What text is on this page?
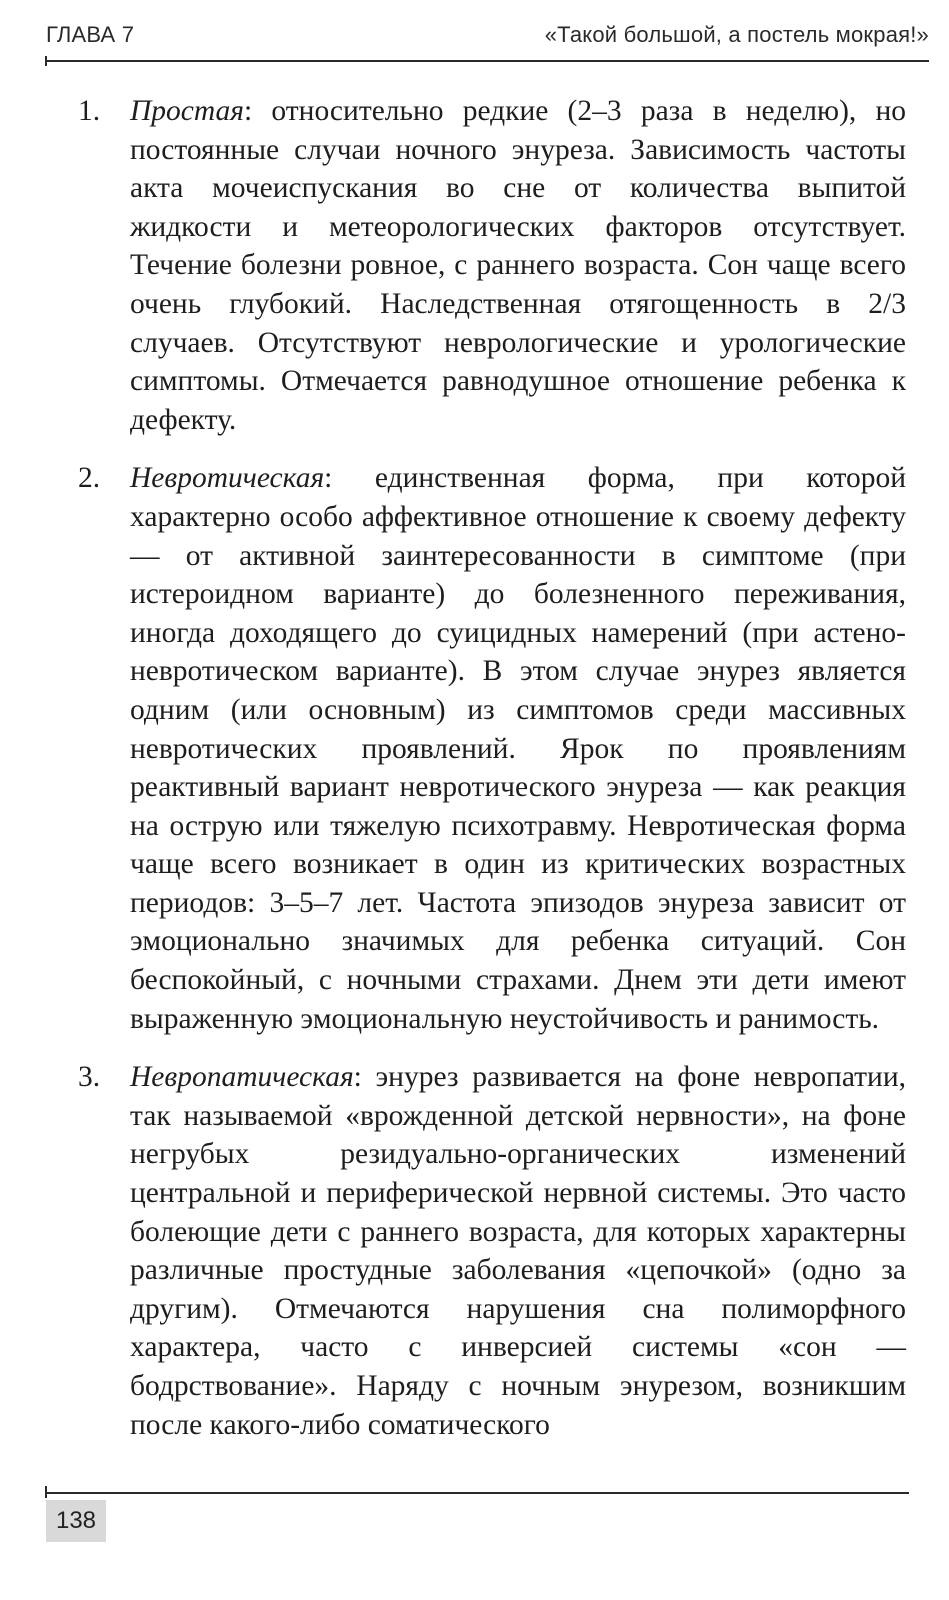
ГЛАВА 7	«Такой большой, а постель мокрая!»
1. Простая: относительно редкие (2–3 раза в неделю), но постоянные случаи ночного энуреза. Зависимость частоты акта мочеиспускания во сне от количества выпитой жидкости и метеорологических факторов отсутствует. Течение болезни ровное, с раннего возраста. Сон чаще всего очень глубокий. Наследственная отягощенность в 2/3 случаев. Отсутствуют неврологические и урологические симптомы. Отмечается равнодушное отношение ребенка к дефекту.
2. Невротическая: единственная форма, при которой характерно особо аффективное отношение к своему дефекту — от активной заинтересованности в симптоме (при истероидном варианте) до болезненного переживания, иногда доходящего до суицидных намерений (при астено-невротическом варианте). В этом случае энурез является одним (или основным) из симптомов среди массивных невротических проявлений. Ярок по проявлениям реактивный вариант невротического энуреза — как реакция на острую или тяжелую психотравму. Невротическая форма чаще всего возникает в один из критических возрастных периодов: 3–5–7 лет. Частота эпизодов энуреза зависит от эмоционально значимых для ребенка ситуаций. Сон беспокойный, с ночными страхами. Днем эти дети имеют выраженную эмоциональную неустойчивость и ранимость.
3. Невропатическая: энурез развивается на фоне невропатии, так называемой «врожденной детской нервности», на фоне негрубых резидуально-органических изменений центральной и периферической нервной системы. Это часто болеющие дети с раннего возраста, для которых характерны различные простудные заболевания «цепочкой» (одно за другим). Отмечаются нарушения сна полиморфного характера, часто с инверсией системы «сон — бодрствование». Наряду с ночным энурезом, возникшим после какого-либо соматического
138
